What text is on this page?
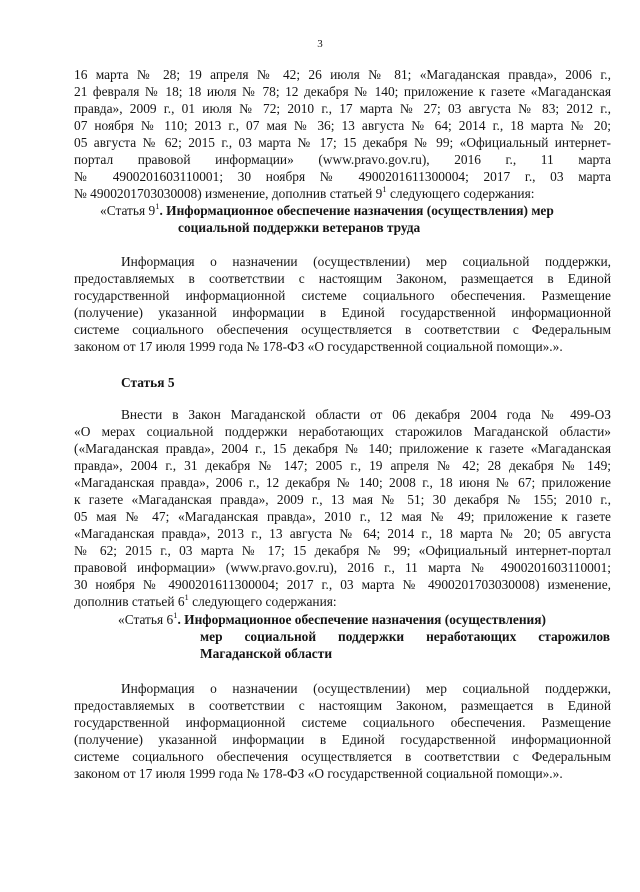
3
16 марта № 28; 19 апреля № 42; 26 июля № 81; «Магаданская правда», 2006 г.,
21 февраля № 18; 18 июля № 78; 12 декабря № 140; приложение к газете «Магаданская
правда», 2009 г., 01 июля № 72; 2010 г., 17 марта № 27; 03 августа № 83; 2012 г.,
07 ноября № 110; 2013 г., 07 мая № 36; 13 августа № 64; 2014 г., 18 марта № 20;
05 августа № 62; 2015 г., 03 марта № 17; 15 декабря № 99; «Официальный интернет-
портал правовой информации» (www.pravo.gov.ru), 2016 г., 11 марта
№ 4900201603110001; 30 ноября № 4900201611300004; 2017 г., 03 марта
№ 4900201703030008) изменение, дополнив статьей $9^1$ следующего содержания:
«Статья $9^1$. Информационное обеспечение назначения (осуществления) мер
социальной поддержки ветеранов труда
Информация о назначении (осуществлении) мер социальной поддержки,
предоставляемых в соответствии с настоящим Законом, размещается в Единой
государственной информационной системе социального обеспечения. Размещение
(получение) указанной информации в Единой государственной информационной
системе социального обеспечения осуществляется в соответствии с Федеральным
законом от 17 июля 1999 года № 178-ФЗ «О государственной социальной помощи».».
Статья 5
Внести в Закон Магаданской области от 06 декабря 2004 года № 499-ОЗ
«О мерах социальной поддержки неработающих старожилов Магаданской области»
(«Магаданская правда», 2004 г., 15 декабря № 140; приложение к газете «Магаданская
правда», 2004 г., 31 декабря № 147; 2005 г., 19 апреля № 42; 28 декабря № 149;
«Магаданская правда», 2006 г., 12 декабря № 140; 2008 г., 18 июня № 67; приложение
к газете «Магаданская правда», 2009 г., 13 мая № 51; 30 декабря № 155; 2010 г.,
05 мая № 47; «Магаданская правда», 2010 г., 12 мая № 49; приложение к газете
«Магаданская правда», 2013 г., 13 августа № 64; 2014 г., 18 марта № 20; 05 августа
№ 62; 2015 г., 03 марта № 17; 15 декабря № 99; «Официальный интернет-портал
правовой информации» (www.pravo.gov.ru), 2016 г., 11 марта № 4900201603110001;
30 ноября № 4900201611300004; 2017 г., 03 марта № 4900201703030008) изменение,
дополнив статьей $6^1$ следующего содержания:
«Статья $6^1$. Информационное обеспечение назначения (осуществления)
мер социальной поддержки неработающих старожилов
Магаданской области
Информация о назначении (осуществлении) мер социальной поддержки,
предоставляемых в соответствии с настоящим Законом, размещается в Единой
государственной информационной системе социального обеспечения. Размещение
(получение) указанной информации в Единой государственной информационной
системе социального обеспечения осуществляется в соответствии с Федеральным
законом от 17 июля 1999 года № 178-ФЗ «О государственной социальной помощи».».
